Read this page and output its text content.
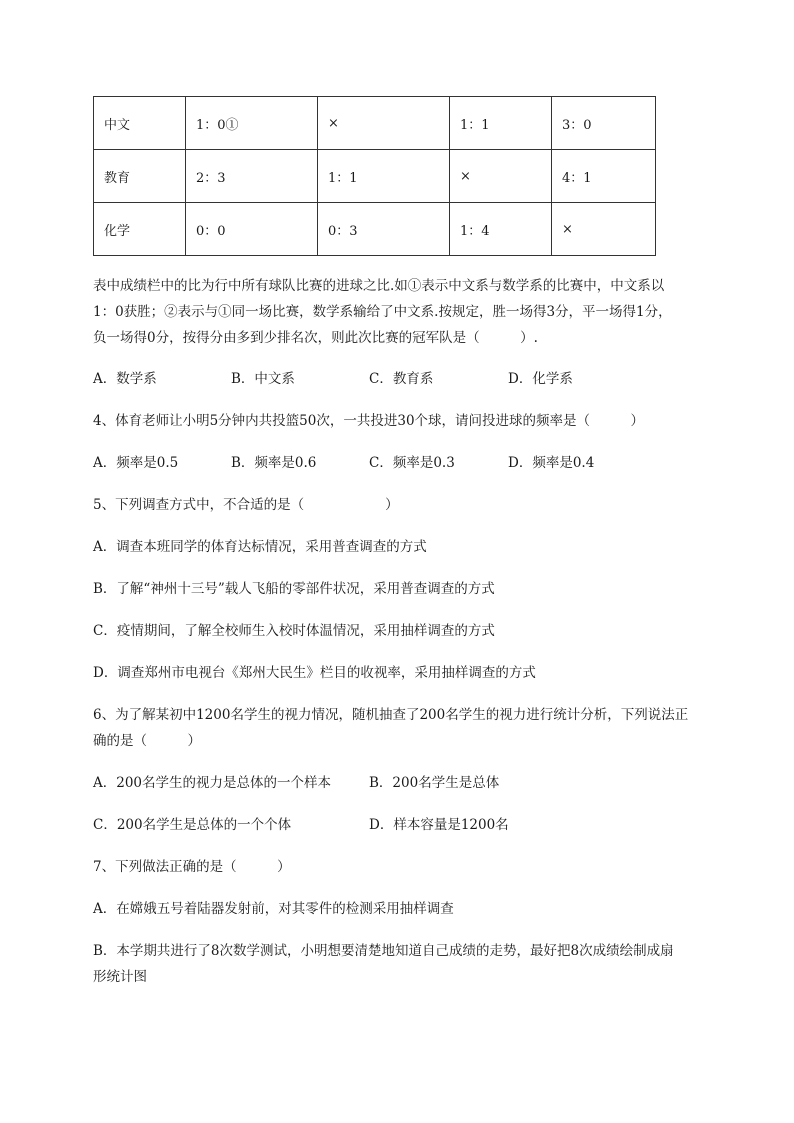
中文	1：0①	×	1：1	3：0
教育	2：3	1：1	×	4：1
化学	0：0	0：3	1：4	×
表中成绩栏中的比为行中所有球队比赛的进球之比.如①表示中文系与数学系的比赛中，中文系以
1：0获胜；②表示与①同一场比赛，数学系输给了中文系.按规定，胜一场得3分，平一场得1分，
负一场得0分，按得分由多到少排名次，则此次比赛的冠军队是（　　　）.
A．数学系	B．中文系	C．教育系	D．化学系
4、体育老师让小明5分钟内共投篮50次，一共投进30个球，请问投进球的频率是（　　　）
A．频率是0.5	B．频率是0.6	C．频率是0.3	D．频率是0.4
5、下列调查方式中，不合适的是（　　　　　　）
A．调查本班同学的体育达标情况，采用普查调查的方式
B．了解“神州十三号”载人飞船的零部件状况，采用普查调查的方式
C．疫情期间，了解全校师生入校时体温情况，采用抽样调查的方式
D．调查郑州市电视台《郑州大民生》栏目的收视率，采用抽样调查的方式
6、为了解某初中1200名学生的视力情况，随机抽查了200名学生的视力进行统计分析，下列说法正
确的是（　　　）
A．200名学生的视力是总体的一个样本	B．200名学生是总体
C．200名学生是总体的一个个体	D．样本容量是1200名
7、下列做法正确的是（　　　）
A．在嫦娥五号着陆器发射前，对其零件的检测采用抽样调查
B．本学期共进行了8次数学测试，小明想要清楚地知道自己成绩的走势，最好把8次成绩绘制成扇
形统计图
